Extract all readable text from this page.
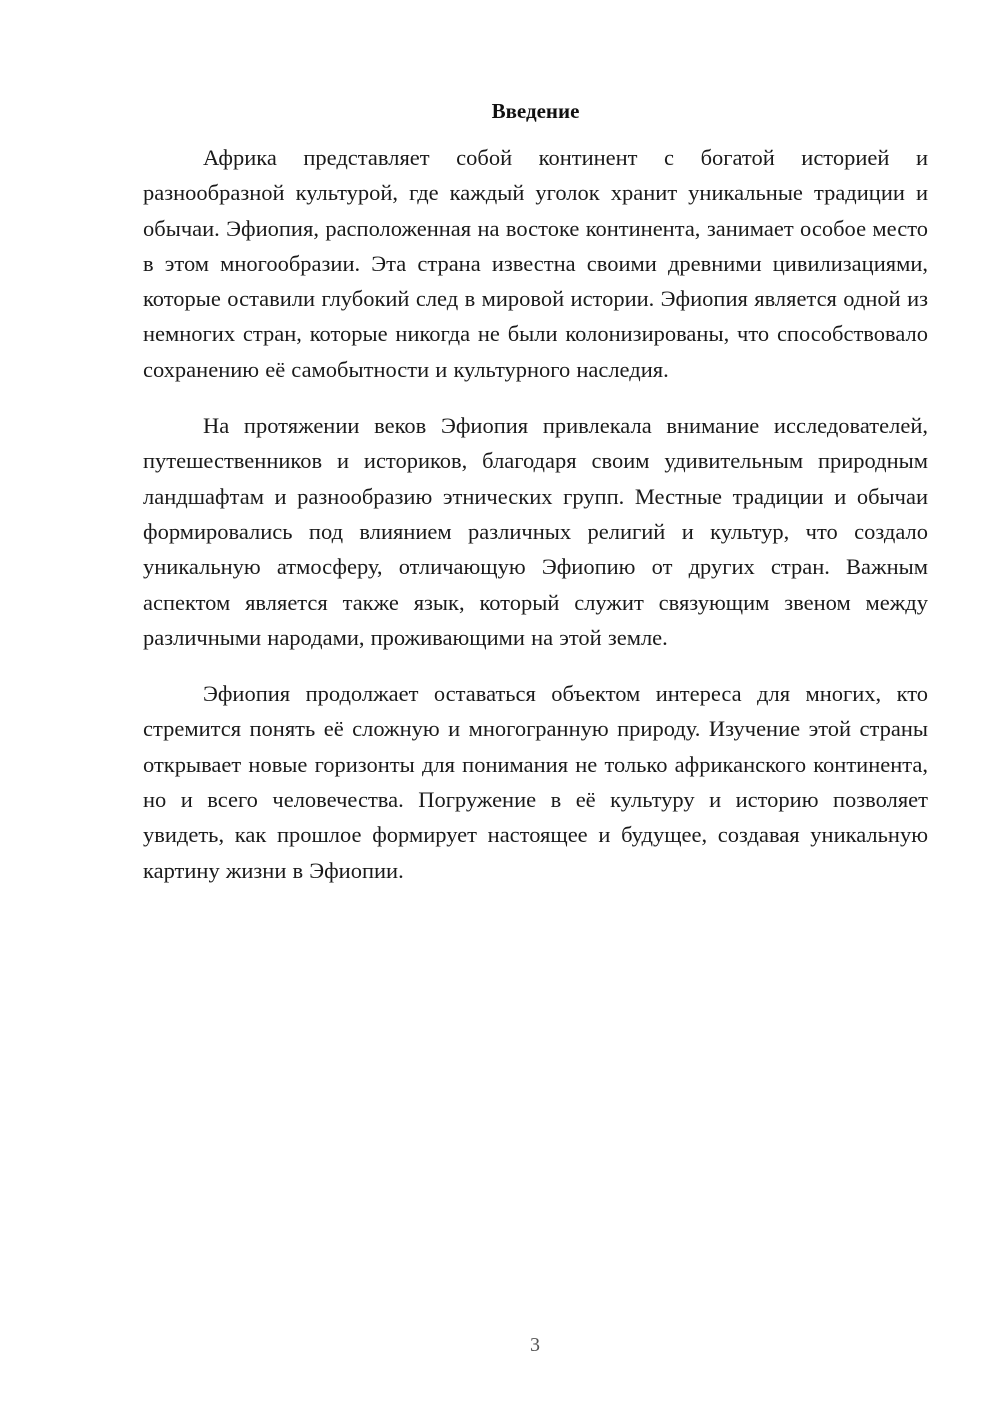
Введение

Африка представляет собой континент с богатой историей и разнообразной культурой, где каждый уголок хранит уникальные традиции и обычаи. Эфиопия, расположенная на востоке континента, занимает особое место в этом многообразии. Эта страна известна своими древними цивилизациями, которые оставили глубокий след в мировой истории. Эфиопия является одной из немногих стран, которые никогда не были колонизированы, что способствовало сохранению её самобытности и культурного наследия.

На протяжении веков Эфиопия привлекала внимание исследователей, путешественников и историков, благодаря своим удивительным природным ландшафтам и разнообразию этнических групп. Местные традиции и обычаи формировались под влиянием различных религий и культур, что создало уникальную атмосферу, отличающую Эфиопию от других стран. Важным аспектом является также язык, который служит связующим звеном между различными народами, проживающими на этой земле.

Эфиопия продолжает оставаться объектом интереса для многих, кто стремится понять её сложную и многогранную природу. Изучение этой страны открывает новые горизонты для понимания не только африканского континента, но и всего человечества. Погружение в её культуру и историю позволяет увидеть, как прошлое формирует настоящее и будущее, создавая уникальную картину жизни в Эфиопии.

3
